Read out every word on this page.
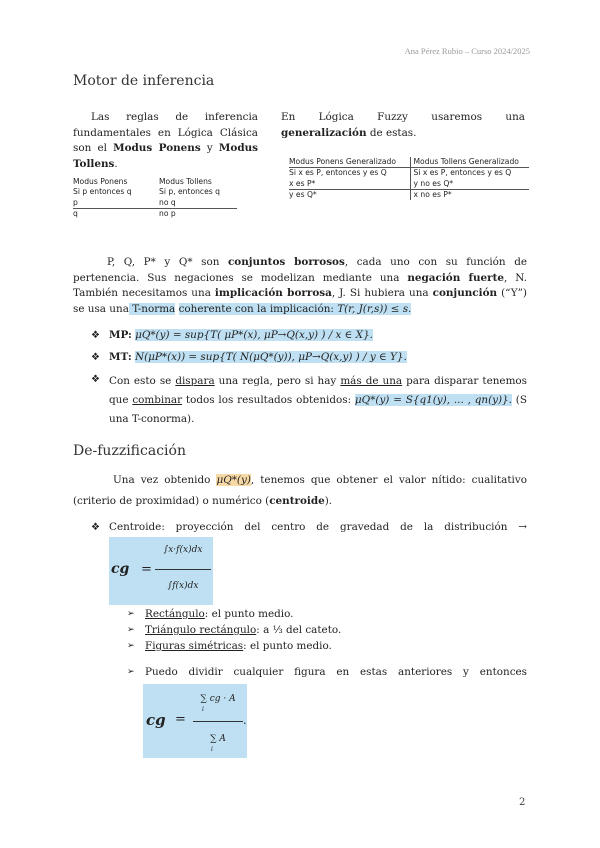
Ana Pérez Rubio – Curso 2024/2025
Motor de inferencia
Las reglas de inferencia fundamentales en Lógica Clásica son el Modus Ponens y Modus Tollens.
En Lógica Fuzzy usaremos una generalización de estas.
Modus Ponens	Modus Tollens
Si p entonces q	Si p, entonces q
p	no q
q	no p
Modus Ponens Generalizado	Modus Tollens Generalizado
Si x es P, entonces y es Q	Si x es P, entonces y es Q
x es P*	y no es Q*
y es Q*	x no es P*
P, Q, P* y Q* son conjuntos borrosos, cada uno con su función de pertenencia. Sus negaciones se modelizan mediante una negación fuerte, N. También necesitamos una implicación borrosa, J. Si hubiera una conjunción (“Y”) se usa una T-norma coherente con la implicación: T(r, J(r,s)) ≤ s.
❖ MP: μQ*(y) = sup{T( μP*(x), μP→Q(x,y) ) / x ∈ X}.
❖ MT: N(μP*(x)) = sup{T( N(μQ*(y)), μP→Q(x,y) ) / y ∈ Y}.
❖ Con esto se dispara una regla, pero si hay más de una para disparar tenemos que combinar todos los resultados obtenidos: μQ*(y) = S{q1(y), ... , qn(y)}. (S una T-conorma).
De-fuzzificación
Una vez obtenido μQ*(y), tenemos que obtener el valor nítido: cualitativo (criterio de proximidad) o numérico (centroide).
❖ Centroide: proyección del centro de gravedad de la distribución →
cg =
∫x·f(x)dx
∫f(x)dx
➢ Rectángulo: el punto medio.
➢ Triángulo rectángulo: a ⅓ del cateto.
➢ Figuras simétricas: el punto medio.
➢ Puedo dividir cualquier figura en estas anteriores y entonces
cg =
∑ cg · A
i
.
∑ A
i
2
